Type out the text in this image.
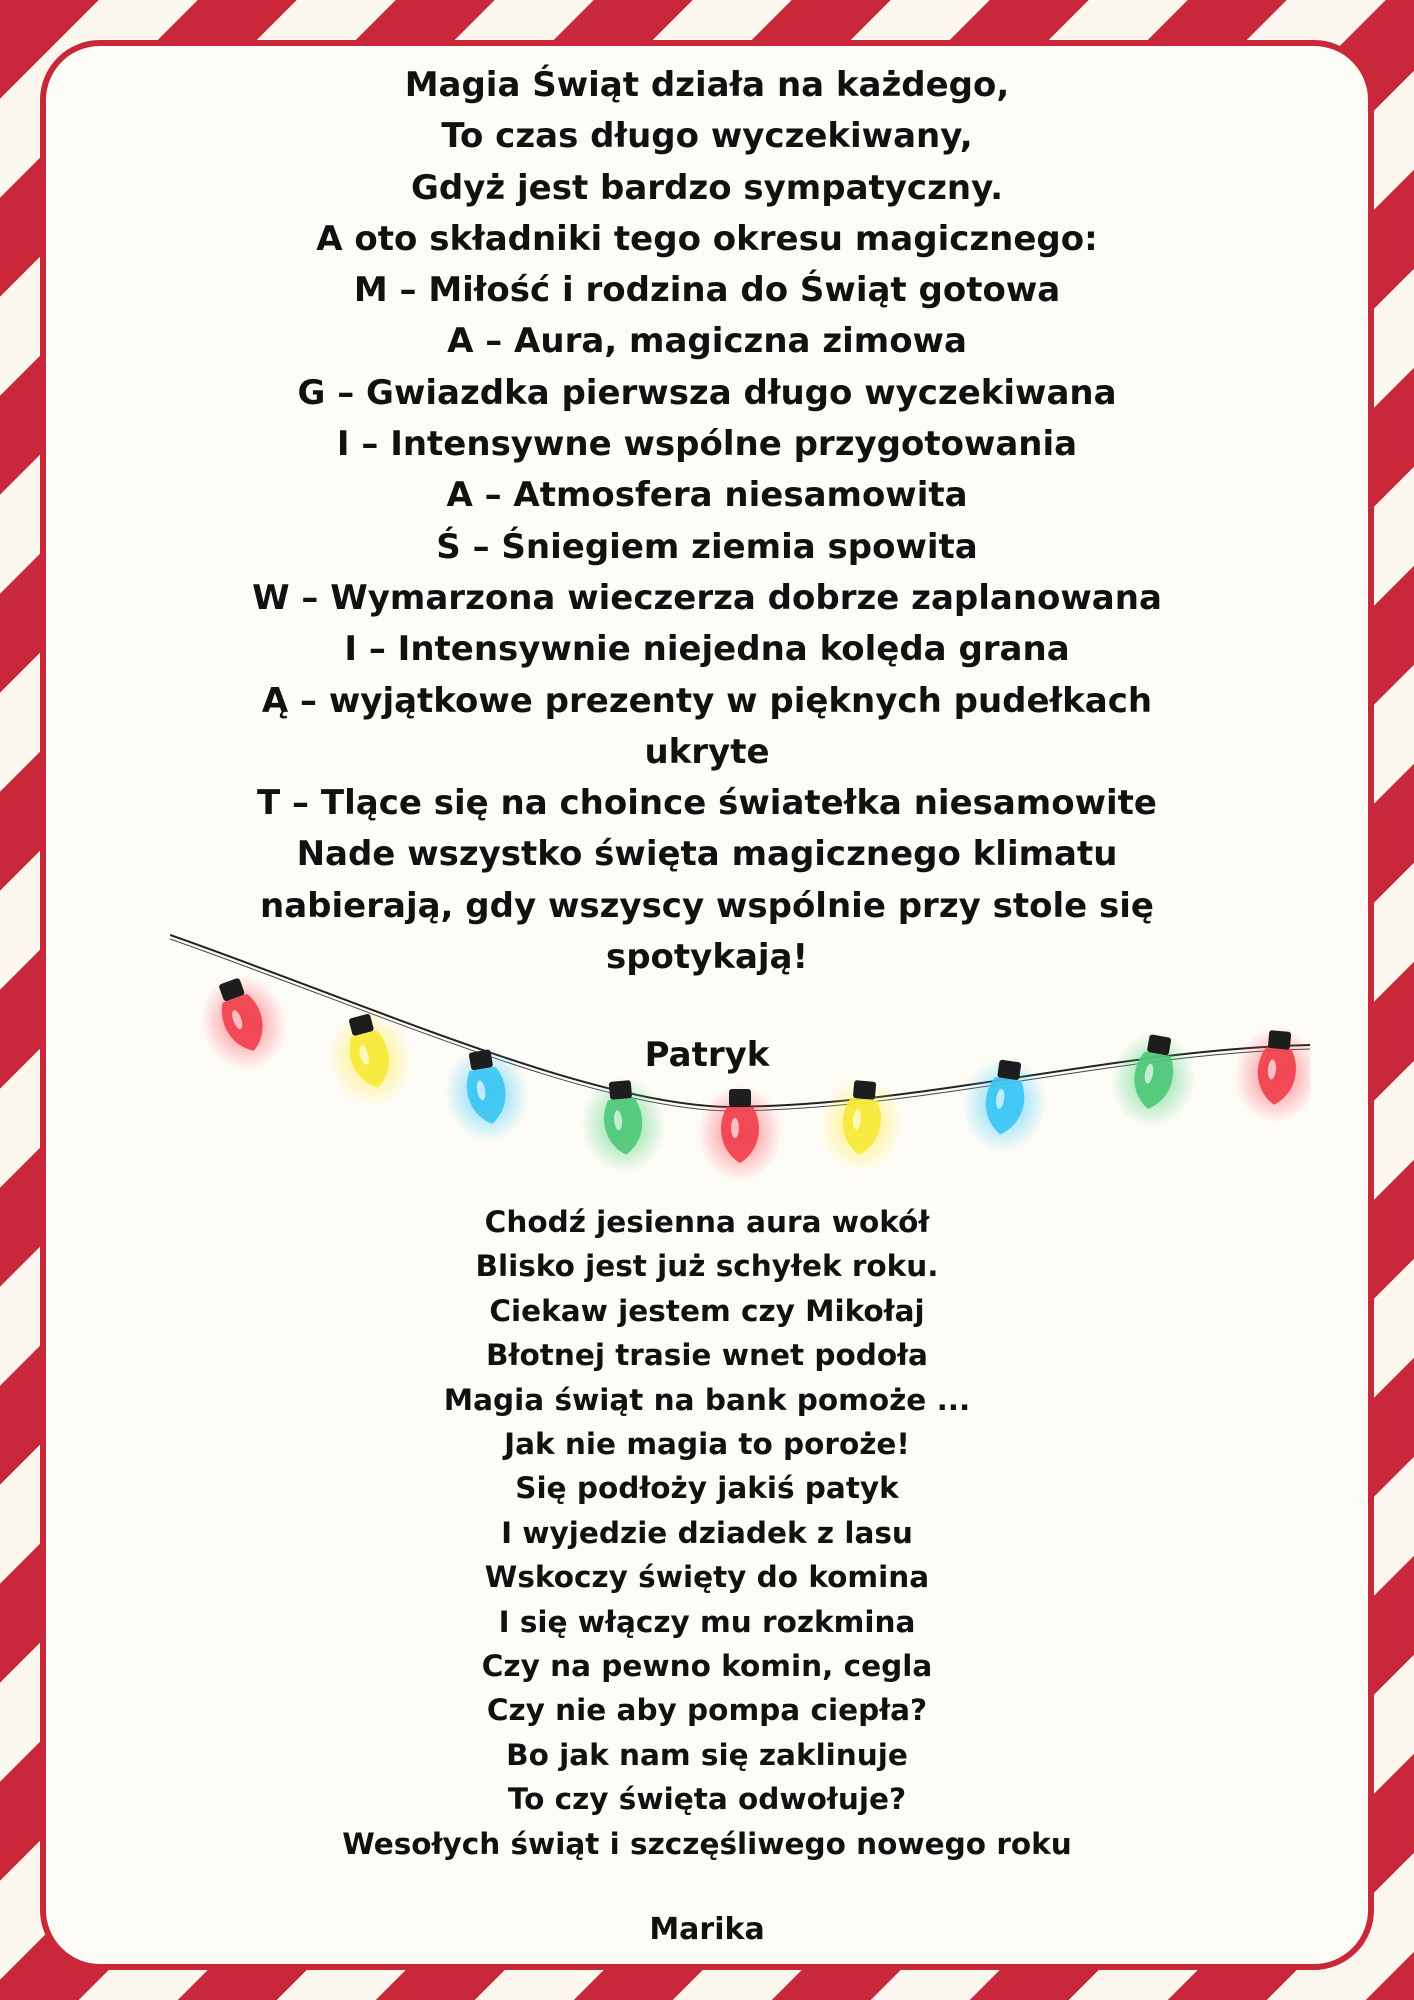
Magia Świąt działa na każdego,
To czas długo wyczekiwany,
Gdyż jest bardzo sympatyczny.
A oto składniki tego okresu magicznego:
M – Miłość i rodzina do Świąt gotowa
A – Aura, magiczna zimowa
G – Gwiazdka pierwsza długo wyczekiwana
I – Intensywne wspólne przygotowania
A – Atmosfera niesamowita
Ś – Śniegiem ziemia spowita
W – Wymarzona wieczerza dobrze zaplanowana
I – Intensywnie niejedna kolęda grana
Ą – wyjątkowe prezenty w pięknych pudełkach
ukryte
T – Tlące się na choince światełka niesamowite
Nade wszystko święta magicznego klimatu
nabierają, gdy wszyscy wspólnie przy stole się
spotykają!
Patryk
Chodź jesienna aura wokół
Blisko jest już schyłek roku.
Ciekaw jestem czy Mikołaj
Błotnej trasie wnet podoła
Magia świąt na bank pomoże ...
Jak nie magia to poroże!
Się podłoży jakiś patyk
I wyjedzie dziadek z lasu
Wskoczy święty do komina
I się włączy mu rozkmina
Czy na pewno komin, cegla
Czy nie aby pompa ciepła?
Bo jak nam się zaklinuje
To czy święta odwołuje?
Wesołych świąt i szczęśliwego nowego roku
Marika
